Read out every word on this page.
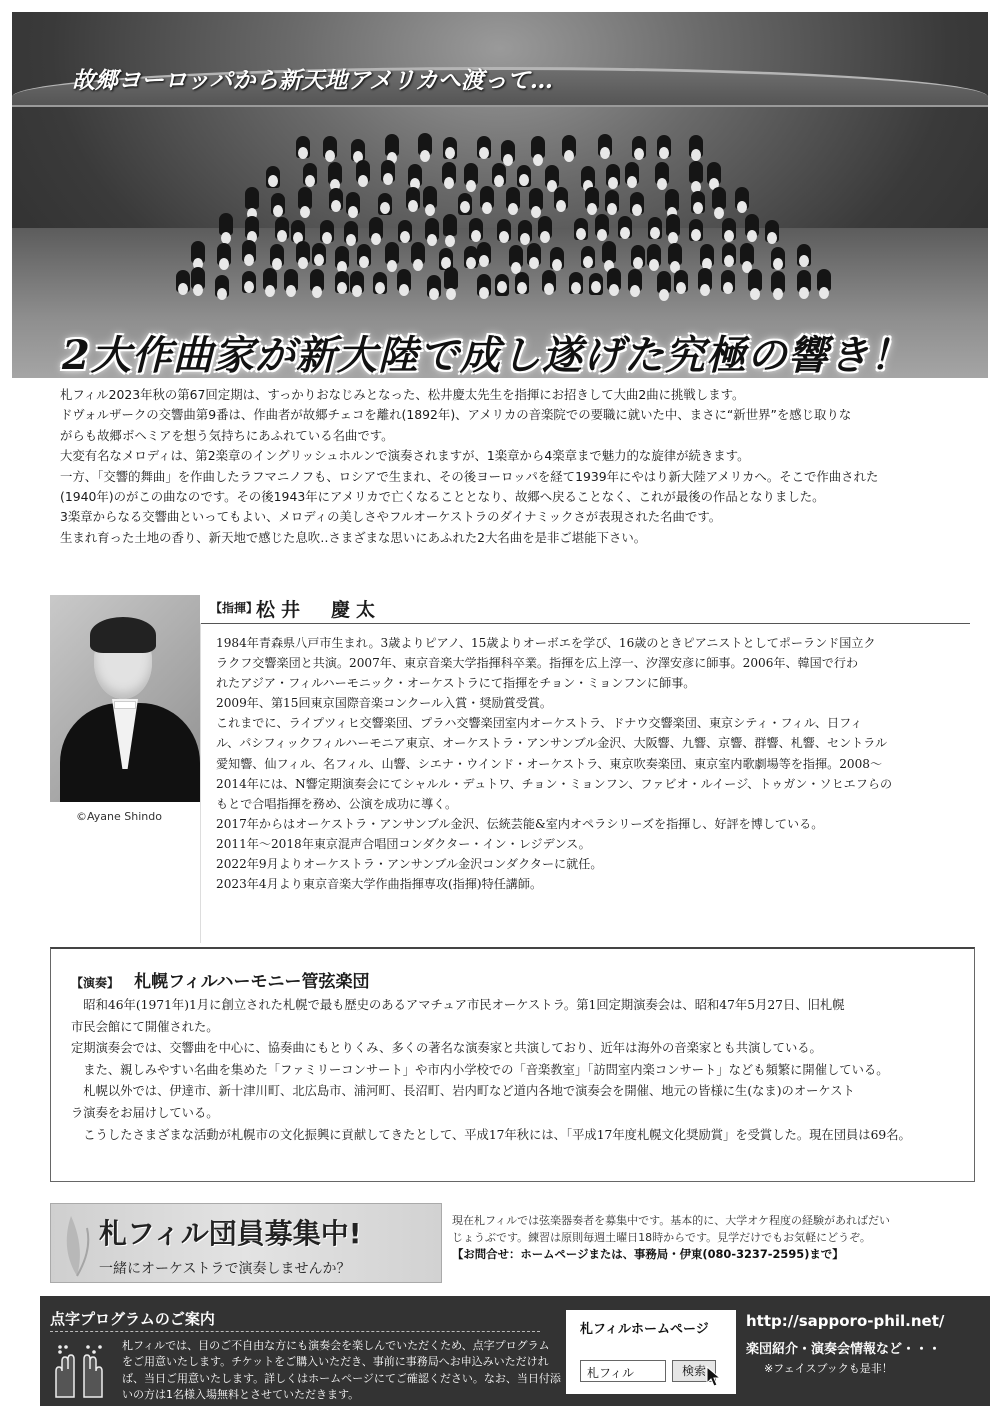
故郷ヨーロッパから新天地アメリカへ渡って…
2大作曲家が新大陸で成し遂げた究極の響き！

札フィル2023年秋の第67回定期は、すっかりおなじみとなった、松井慶太先生を指揮にお招きして大曲2曲に挑戦します。

ドヴォルザークの交響曲第9番は、作曲者が故郷チェコを離れ(1892年)、アメリカの音楽院での要職に就いた中、まさに“新世界”を感じ取りな

がらも故郷ボヘミアを想う気持ちにあふれている名曲です。

大変有名なメロディは、第2楽章のイングリッシュホルンで演奏されますが、1楽章から4楽章まで魅力的な旋律が続きます。

一方、「交響的舞曲」を作曲したラフマニノフも、ロシアで生まれ、その後ヨーロッパを経て1939年にやはり新大陸アメリカへ。そこで作曲された

(1940年)のがこの曲なのです。その後1943年にアメリカで亡くなることとなり、故郷へ戻ることなく、これが最後の作品となりました。

3楽章からなる交響曲といってもよい、メロディの美しさやフルオーケストラのダイナミックさが表現された名曲です。

生まれ育った土地の香り、新天地で感じた息吹‥さまざまな思いにあふれた2大名曲を是非ご堪能下さい。

©Ayane Shindo
【指揮】
松井　慶太

1984年青森県八戸市生まれ。3歳よりピアノ、15歳よりオーボエを学び、16歳のときピアニストとしてポーランド国立ク

ラクフ交響楽団と共演。2007年、東京音楽大学指揮科卒業。指揮を広上淳一、汐澤安彦に師事。2006年、韓国で行わ

れたアジア・フィルハーモニック・オーケストラにて指揮をチョン・ミョンフンに師事。

2009年、第15回東京国際音楽コンクール入賞・奨励賞受賞。

これまでに、ライプツィヒ交響楽団、プラハ交響楽団室内オーケストラ、ドナウ交響楽団、東京シティ・フィル、日フィ

ル、パシフィックフィルハーモニア東京、オーケストラ・アンサンブル金沢、大阪響、九響、京響、群響、札響、セントラル

愛知響、仙フィル、名フィル、山響、シエナ・ウインド・オーケストラ、東京吹奏楽団、東京室内歌劇場等を指揮。2008～

2014年には、N響定期演奏会にてシャルル・デュトワ、チョン・ミョンフン、ファビオ・ルイージ、トゥガン・ソヒエフらの

もとで合唱指揮を務め、公演を成功に導く。

2017年からはオーケストラ・アンサンブル金沢、伝統芸能&室内オペラシリーズを指揮し、好評を博している。

2011年～2018年東京混声合唱団コンダクター・イン・レジデンス。

2022年9月よりオーケストラ・アンサンブル金沢コンダクターに就任。

2023年4月より東京音楽大学作曲指揮専攻(指揮)特任講師。

【演奏】 札幌フィルハーモニー管弦楽団

　昭和46年(1971年)1月に創立された札幌で最も歴史のあるアマチュア市民オーケストラ。第1回定期演奏会は、昭和47年5月27日、旧札幌

市民会館にて開催された。

定期演奏会では、交響曲を中心に、協奏曲にもとりくみ、多くの著名な演奏家と共演しており、近年は海外の音楽家とも共演している。

　また、親しみやすい名曲を集めた「ファミリーコンサート」や市内小学校での「音楽教室」「訪問室内楽コンサート」なども頻繁に開催している。

　札幌以外では、伊達市、新十津川町、北広島市、浦河町、長沼町、岩内町など道内各地で演奏会を開催、地元の皆様に生(なま)のオーケスト

ラ演奏をお届けしている。

　こうしたさまざまな活動が札幌市の文化振興に貢献してきたとして、平成17年秋には、「平成17年度札幌文化奨励賞」を受賞した。現在団員は69名。

札フィル団員募集中!
一緒にオーケストラで演奏しませんか？
現在札フィルでは弦楽器奏者を募集中です。基本的に、大学オケ程度の経験があればだい
じょうぶです。練習は原則毎週土曜日18時からです。見学だけでもお気軽にどうぞ。
【お問合せ：ホームページまたは、事務局・伊東(080-3237-2595)まで】
点字プログラムのご案内

札フィルでは、目のご不自由な方にも演奏会を楽しんでいただくため、点字プログラム

をご用意いたします。チケットをご購入いただき、事前に事務局へお申込みいただけれ

ば、当日ご用意いたします。詳しくはホームページにてご確認ください。なお、当日付添

いの方は1名様入場無料とさせていただきます。

札フィルホームページ
札フィル	検索
http://sapporo-phil.net/
楽団紹介・演奏会情報など・・・
※フェイスブックも是非！
